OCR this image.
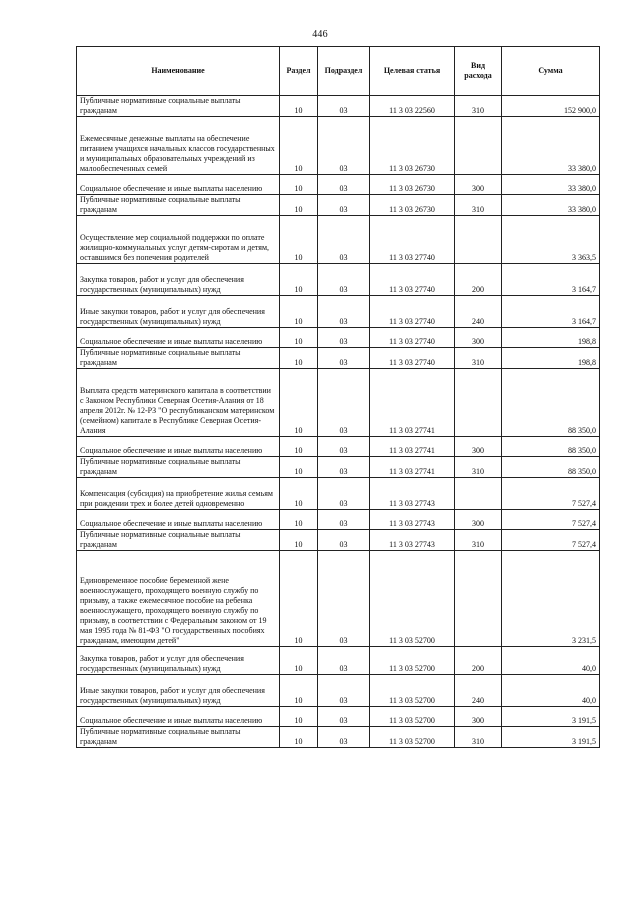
446
Наименование	Раздел	Подраздел	Целевая статья	Вид расхода	Сумма
Публичные нормативные социальные выплаты гражданам	10	03	11 3 03 22560	310	152 900,0
Ежемесячные денежные выплаты на обеспечение питанием учащихся начальных классов государственных и муниципальных образовательных учреждений из малообеспеченных семей	10	03	11 3 03 26730		33 380,0
Социальное обеспечение и иные выплаты населению	10	03	11 3 03 26730	300	33 380,0
Публичные нормативные социальные выплаты гражданам	10	03	11 3 03 26730	310	33 380,0
Осуществление мер социальной поддержки по оплате жилищно-коммунальных услуг детям-сиротам и детям, оставшимся без попечения родителей	10	03	11 3 03 27740		3 363,5
Закупка товаров, работ и услуг для обеспечения государственных (муниципальных) нужд	10	03	11 3 03 27740	200	3 164,7
Иные закупки товаров, работ и услуг для обеспечения государственных (муниципальных) нужд	10	03	11 3 03 27740	240	3 164,7
Социальное обеспечение и иные выплаты населению	10	03	11 3 03 27740	300	198,8
Публичные нормативные социальные выплаты гражданам	10	03	11 3 03 27740	310	198,8
Выплата средств материнского капитала в соответствии с Законом Республики Северная Осетия-Алания от 18 апреля 2012г. № 12-РЗ "О республиканском материнском (семейном) капитале в Республике Северная Осетия-Алания	10	03	11 3 03 27741		88 350,0
Социальное обеспечение и иные выплаты населению	10	03	11 3 03 27741	300	88 350,0
Публичные нормативные социальные выплаты гражданам	10	03	11 3 03 27741	310	88 350,0
Компенсация (субсидия) на приобретение жилья семьям при рождении трех и более детей одновременно	10	03	11 3 03 27743		7 527,4
Социальное обеспечение и иные выплаты населению	10	03	11 3 03 27743	300	7 527,4
Публичные нормативные социальные выплаты гражданам	10	03	11 3 03 27743	310	7 527,4
Единовременное пособие беременной жене военнослужащего, проходящего военную службу по призыву, а также ежемесячное пособие на ребенка военнослужащего, проходящего военную службу по призыву, в соответствии с Федеральным законом от 19 мая 1995 года № 81-ФЗ "О государственных пособиях гражданам, имеющим детей"	10	03	11 3 03 52700		3 231,5
Закупка товаров, работ и услуг для обеспечения государственных (муниципальных) нужд	10	03	11 3 03 52700	200	40,0
Иные закупки товаров, работ и услуг для обеспечения государственных (муниципальных) нужд	10	03	11 3 03 52700	240	40,0
Социальное обеспечение и иные выплаты населению	10	03	11 3 03 52700	300	3 191,5
Публичные нормативные социальные выплаты гражданам	10	03	11 3 03 52700	310	3 191,5
